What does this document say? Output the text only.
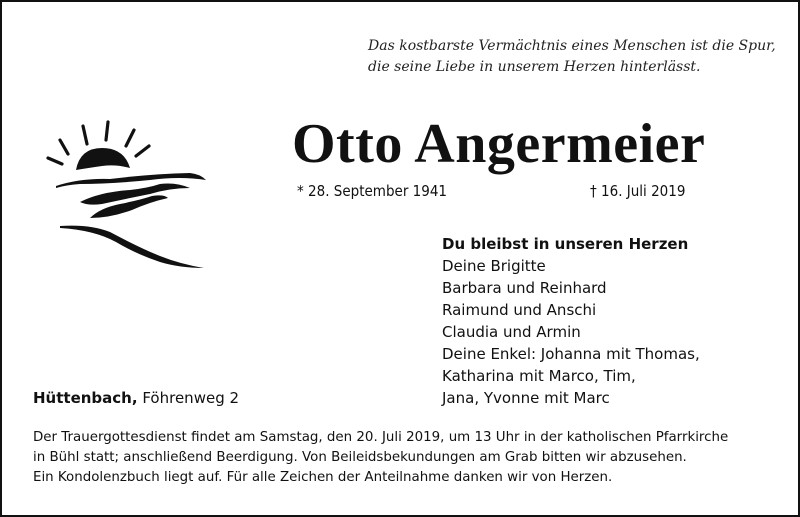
Das kostbarste Vermächtnis eines Menschen ist die Spur,
die seine Liebe in unserem Herzen hinterlässt.
Otto Angermeier
* 28. September 1941	† 16. Juli 2019
Du bleibst in unseren Herzen
Deine Brigitte
Barbara und Reinhard
Raimund und Anschi
Claudia und Armin
Deine Enkel: Johanna mit Thomas,
Katharina mit Marco, Tim,
Jana, Yvonne mit Marc
Hüttenbach, Föhrenweg 2
Der Trauergottesdienst findet am Samstag, den 20. Juli 2019, um 13 Uhr in der katholischen Pfarrkirche
in Bühl statt; anschließend Beerdigung. Von Beileidsbekundungen am Grab bitten wir abzusehen.
Ein Kondolenzbuch liegt auf. Für alle Zeichen der Anteilnahme danken wir von Herzen.
